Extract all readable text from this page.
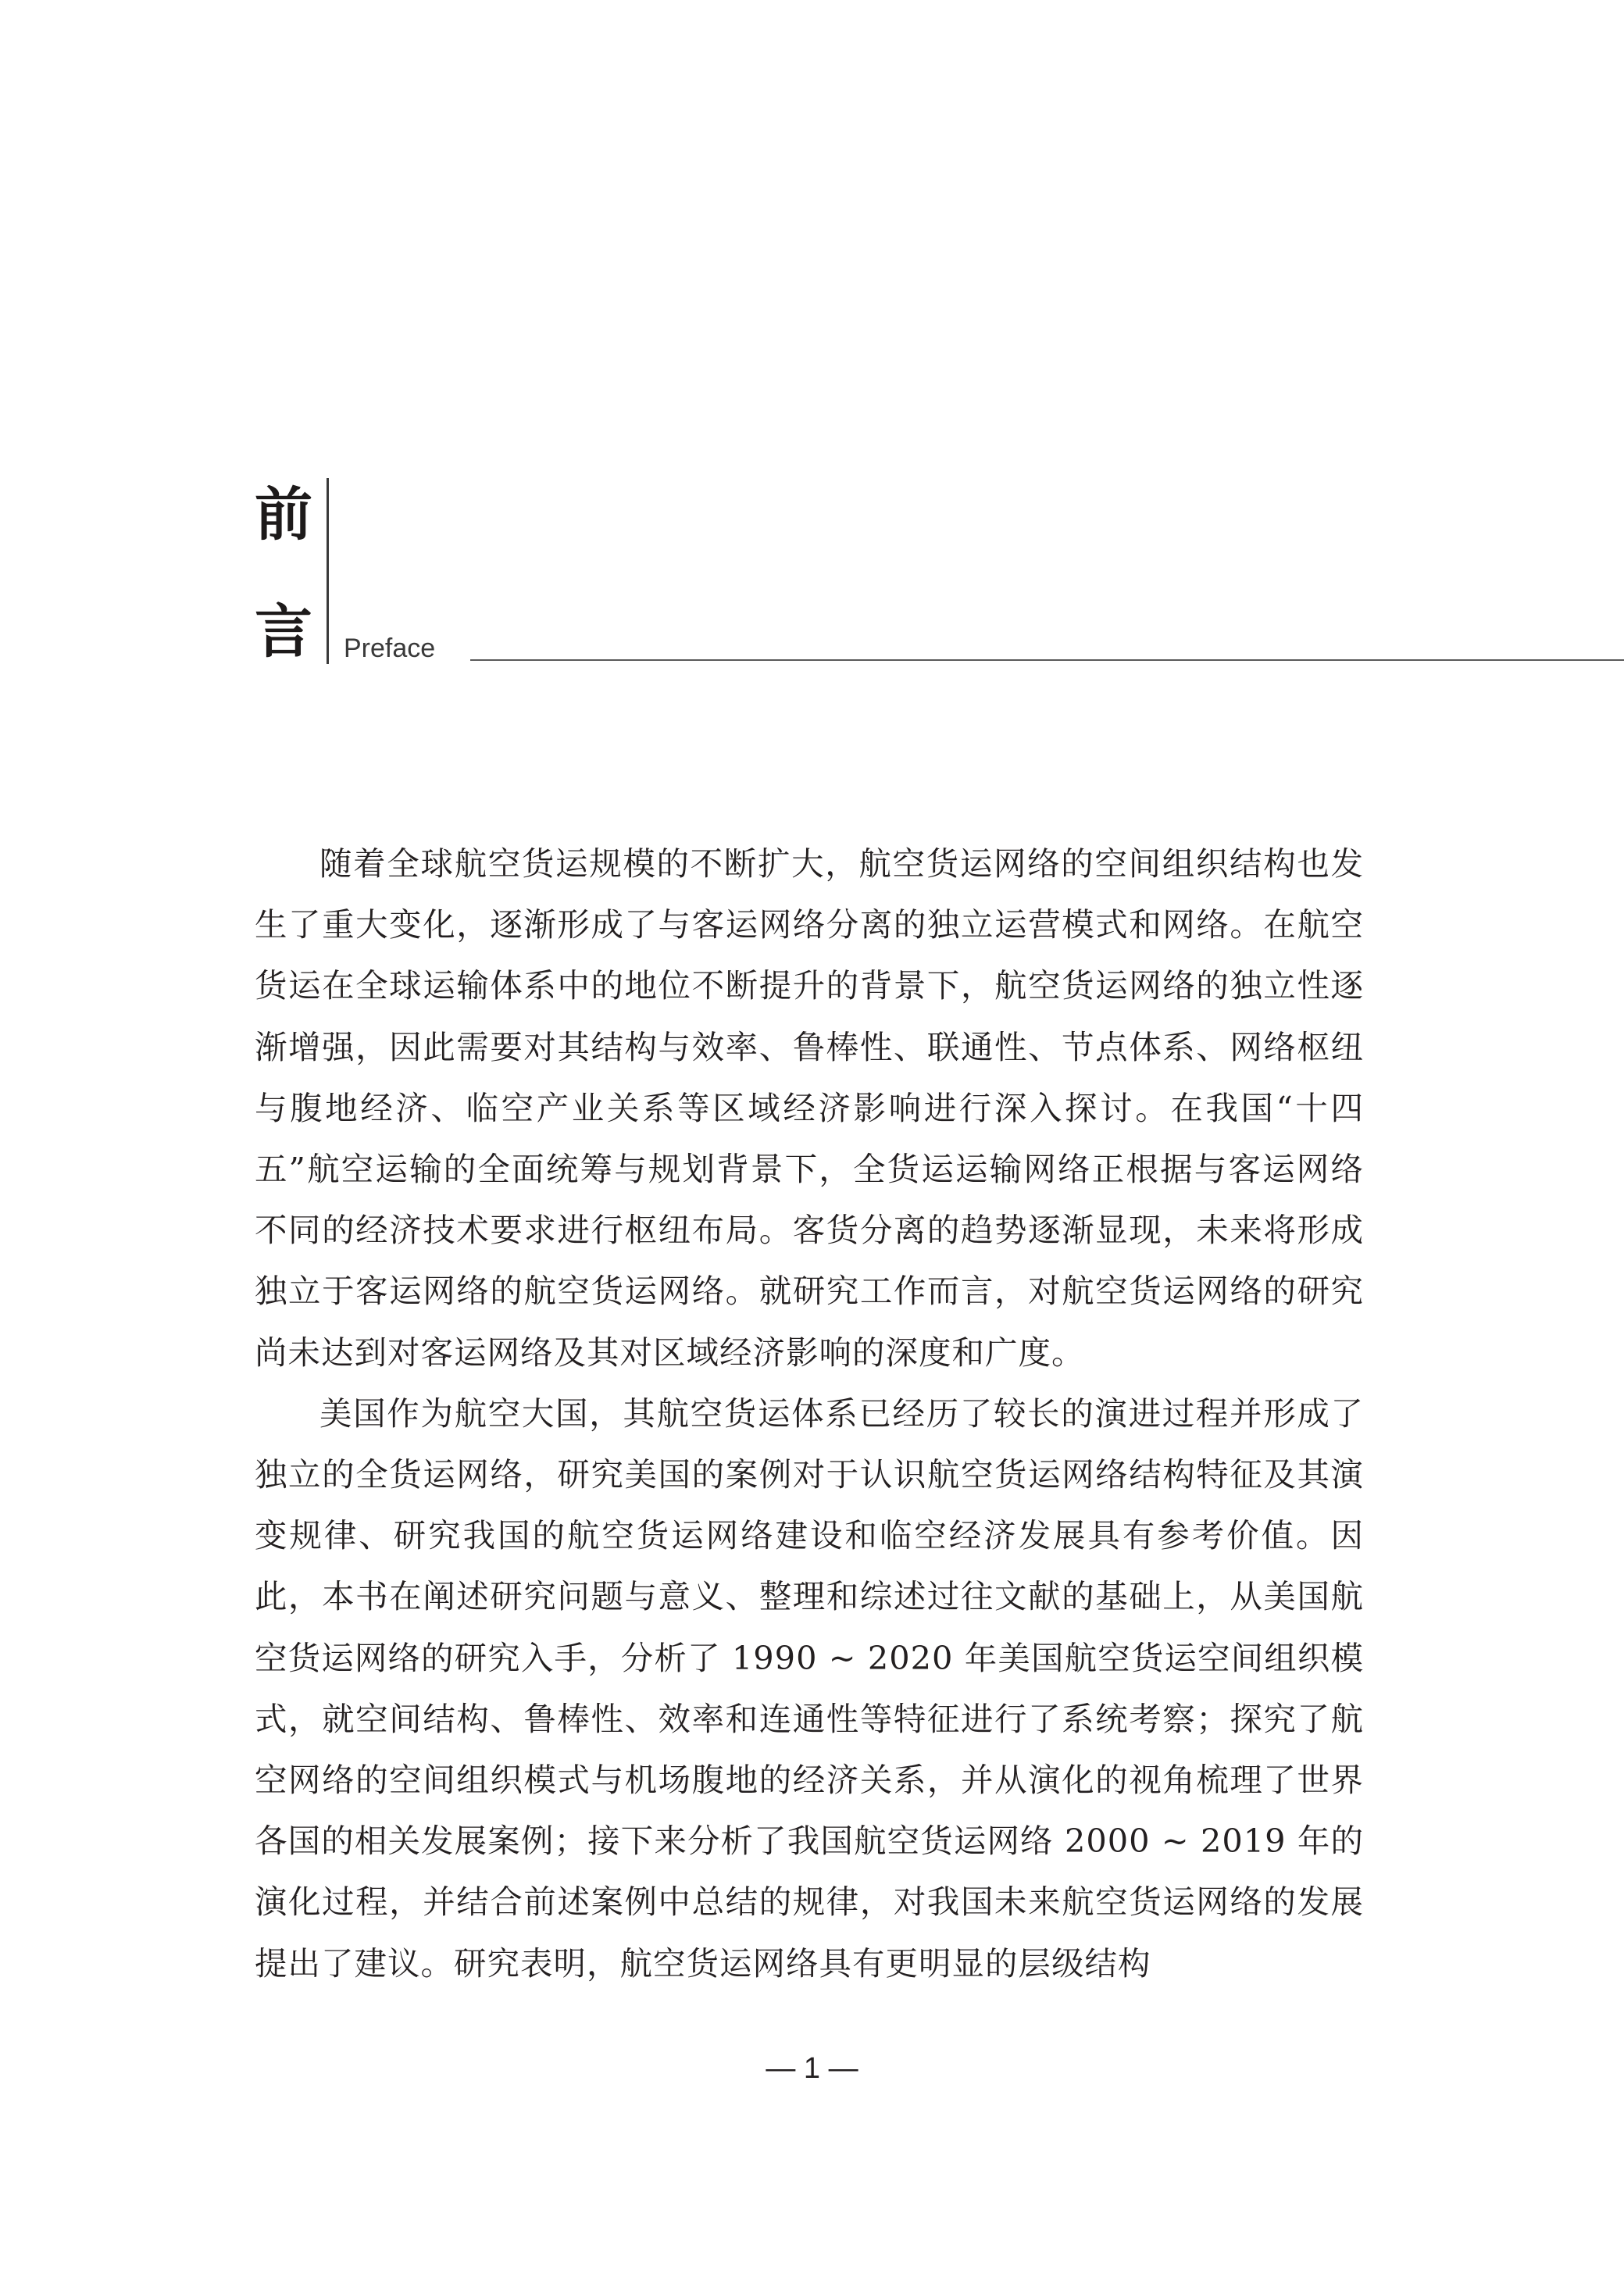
前
言 Preface

随着全球航空货运规模的不断扩大，航空货运网络的空间组织结构也发生了重大变化，逐渐形成了与客运网络分离的独立运营模式和网络。在航空货运在全球运输体系中的地位不断提升的背景下，航空货运网络的独立性逐渐增强，因此需要对其结构与效率、鲁棒性、联通性、节点体系、网络枢纽与腹地经济、临空产业关系等区域经济影响进行深入探讨。在我国“十四五”航空运输的全面统筹与规划背景下，全货运运输网络正根据与客运网络不同的经济技术要求进行枢纽布局。客货分离的趋势逐渐显现，未来将形成独立于客运网络的航空货运网络。就研究工作而言，对航空货运网络的研究尚未达到对客运网络及其对区域经济影响的深度和广度。

美国作为航空大国，其航空货运体系已经历了较长的演进过程并形成了独立的全货运网络，研究美国的案例对于认识航空货运网络结构特征及其演变规律、研究我国的航空货运网络建设和临空经济发展具有参考价值。因此，本书在阐述研究问题与意义、整理和综述过往文献的基础上，从美国航空货运网络的研究入手，分析了 1990 ~ 2020 年美国航空货运空间组织模式，就空间结构、鲁棒性、效率和连通性等特征进行了系统考察；探究了航空网络的空间组织模式与机场腹地的经济关系，并从演化的视角梳理了世界各国的相关发展案例；接下来分析了我国航空货运网络 2000 ~ 2019 年的演化过程，并结合前述案例中总结的规律，对我国未来航空货运网络的发展提出了建议。研究表明，航空货运网络具有更明显的层级结构

— 1 —
